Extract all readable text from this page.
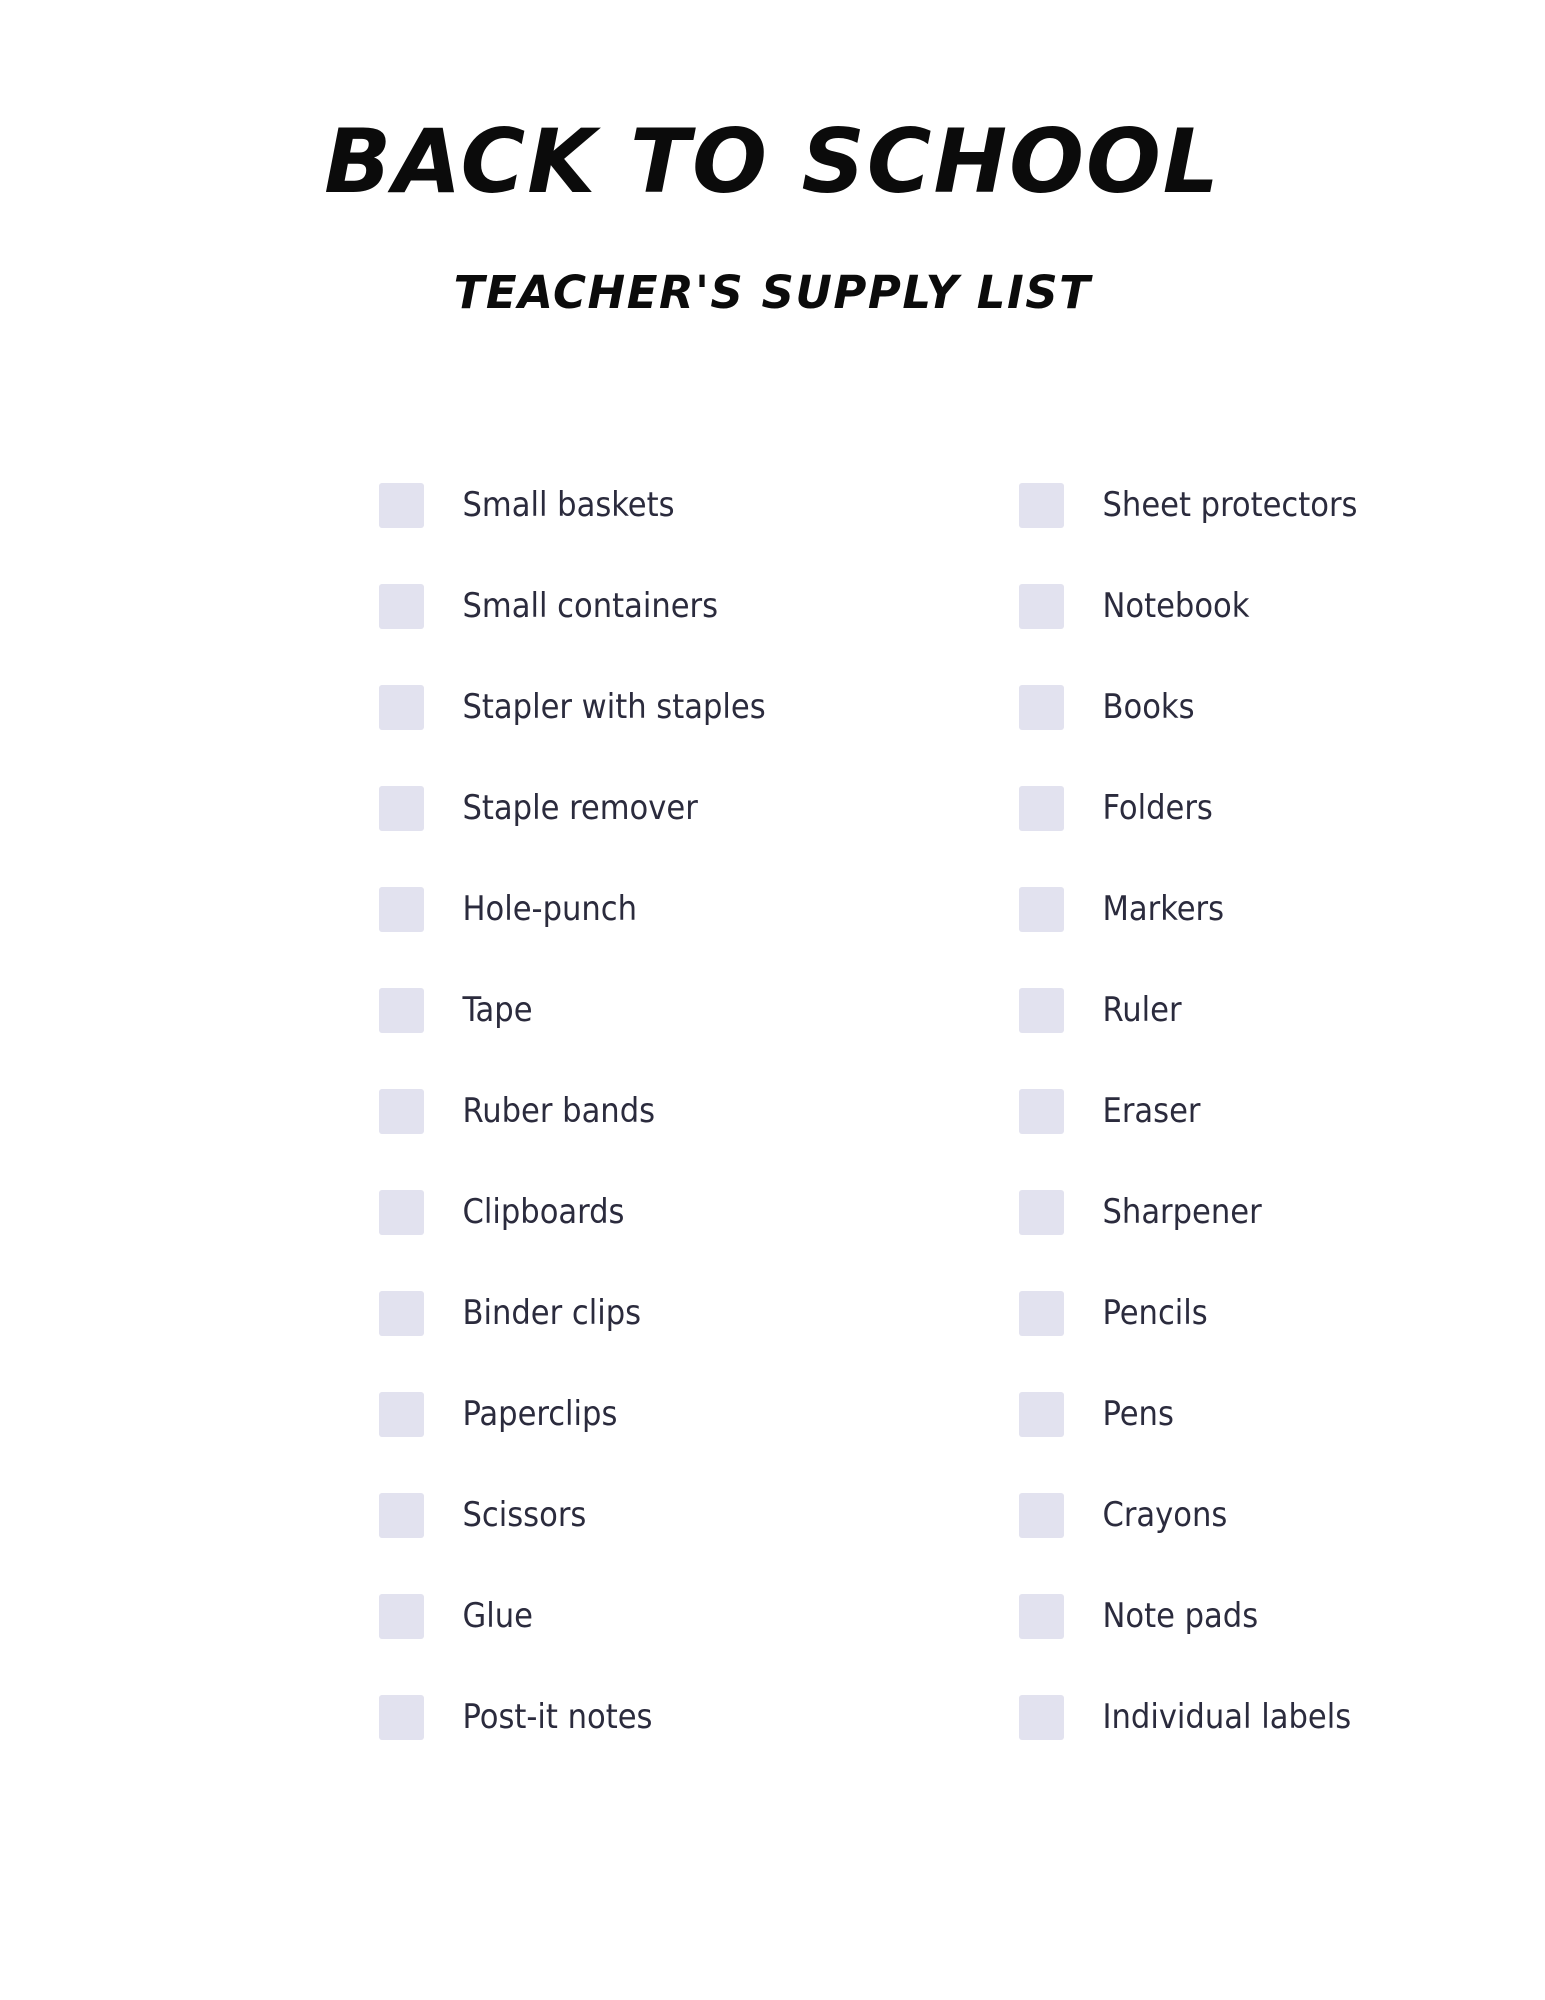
BACK TO SCHOOL
TEACHER'S SUPPLY LIST
Small baskets
Small containers
Stapler with staples
Staple remover
Hole-punch
Tape
Ruber bands
Clipboards
Binder clips
Paperclips
Scissors
Glue
Post-it notes
Sheet protectors
Notebook
Books
Folders
Markers
Ruler
Eraser
Sharpener
Pencils
Pens
Crayons
Note pads
Individual labels
